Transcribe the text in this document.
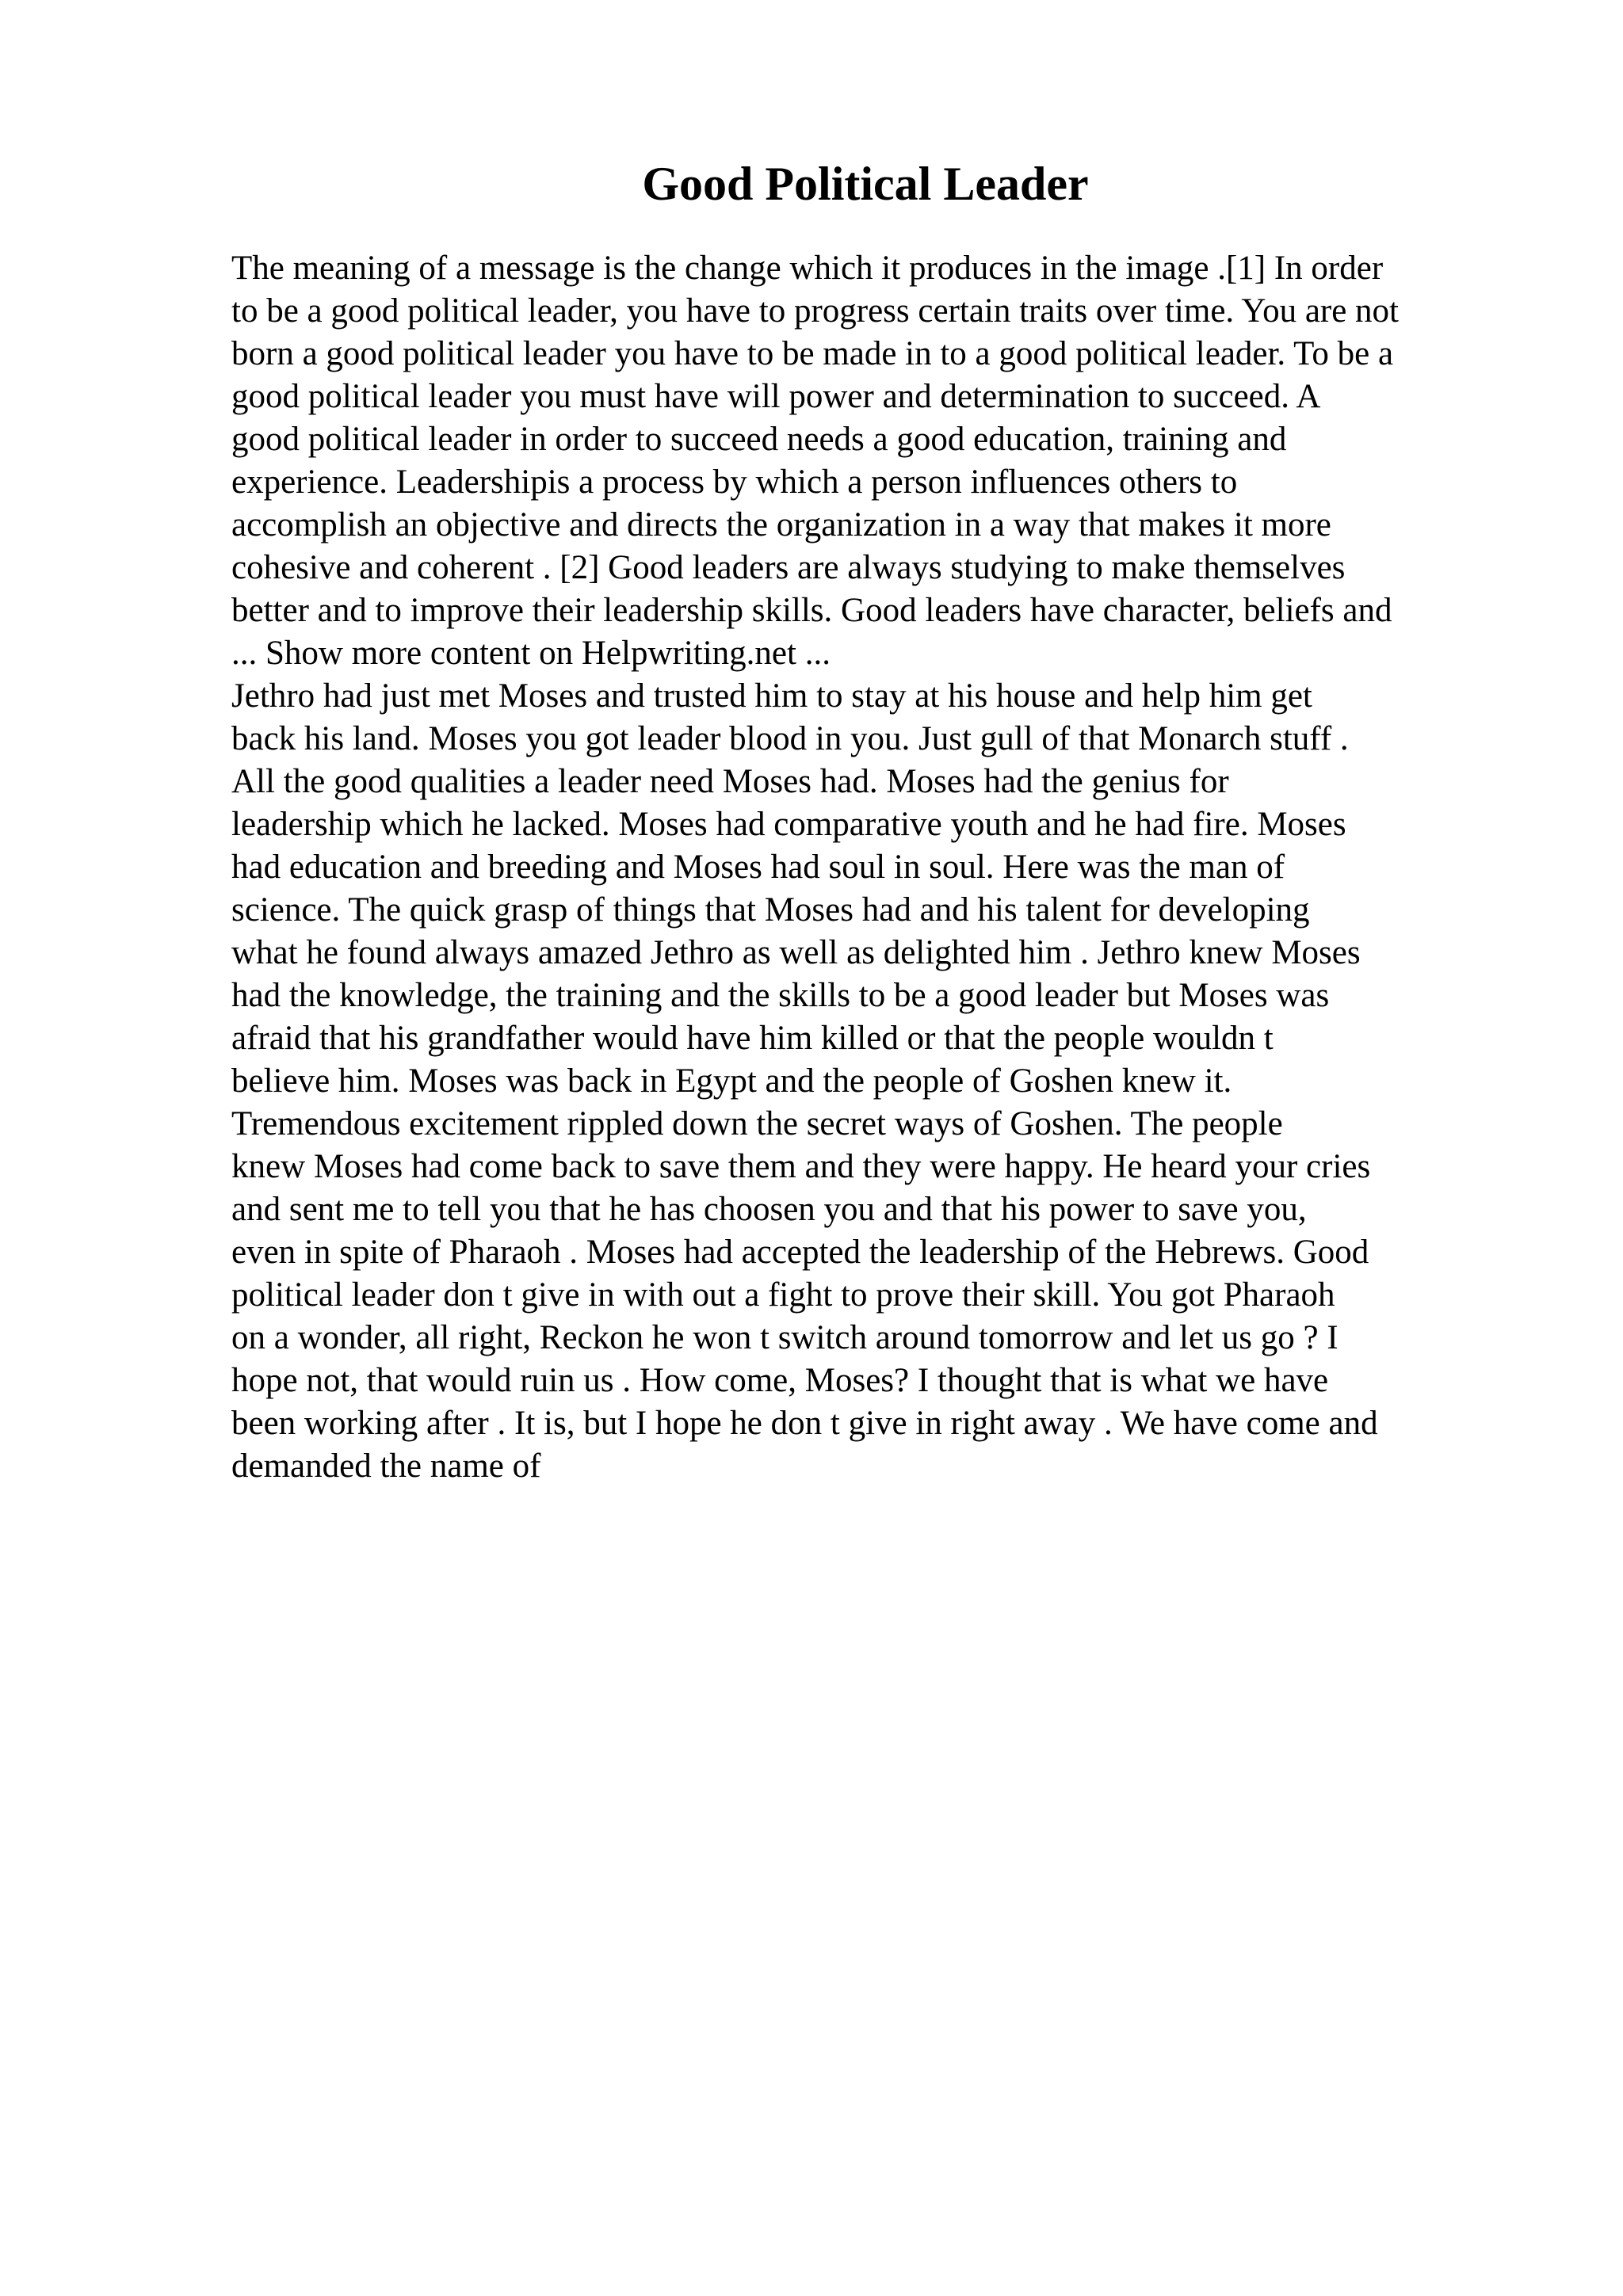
Good Political Leader
The meaning of a message is the change which it produces in the image .[1] In order
to be a good political leader, you have to progress certain traits over time. You are not
born a good political leader you have to be made in to a good political leader. To be a
good political leader you must have will power and determination to succeed. A
good political leader in order to succeed needs a good education, training and
experience. Leadershipis a process by which a person influences others to
accomplish an objective and directs the organization in a way that makes it more
cohesive and coherent . [2] Good leaders are always studying to make themselves
better and to improve their leadership skills. Good leaders have character, beliefs and
... Show more content on Helpwriting.net ...
Jethro had just met Moses and trusted him to stay at his house and help him get
back his land. Moses you got leader blood in you. Just gull of that Monarch stuff .
All the good qualities a leader need Moses had. Moses had the genius for
leadership which he lacked. Moses had comparative youth and he had fire. Moses
had education and breeding and Moses had soul in soul. Here was the man of
science. The quick grasp of things that Moses had and his talent for developing
what he found always amazed Jethro as well as delighted him . Jethro knew Moses
had the knowledge, the training and the skills to be a good leader but Moses was
afraid that his grandfather would have him killed or that the people wouldn t
believe him. Moses was back in Egypt and the people of Goshen knew it.
Tremendous excitement rippled down the secret ways of Goshen. The people
knew Moses had come back to save them and they were happy. He heard your cries
and sent me to tell you that he has choosen you and that his power to save you,
even in spite of Pharaoh . Moses had accepted the leadership of the Hebrews. Good
political leader don t give in with out a fight to prove their skill. You got Pharaoh
on a wonder, all right, Reckon he won t switch around tomorrow and let us go ? I
hope not, that would ruin us . How come, Moses? I thought that is what we have
been working after . It is, but I hope he don t give in right away . We have come and
demanded the name of
